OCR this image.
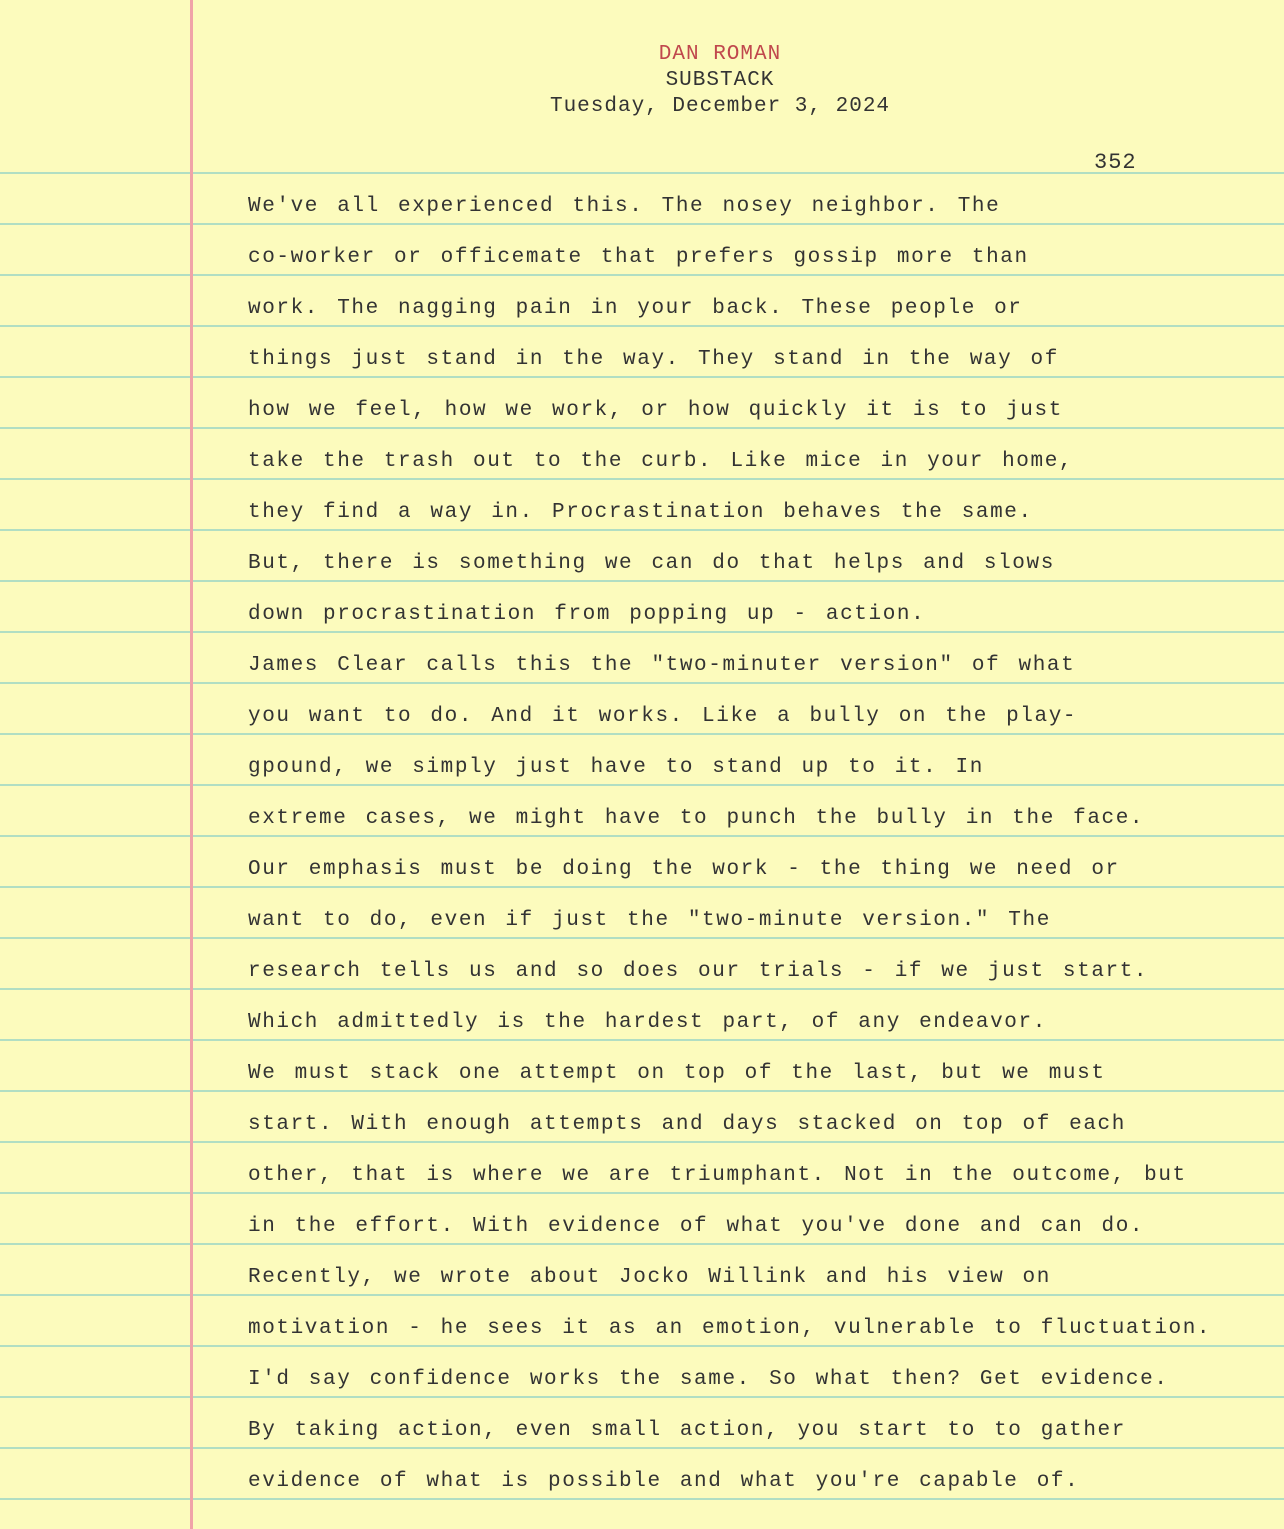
DAN ROMAN
SUBSTACK
Tuesday, December 3, 2024
352
We've all experienced this. The nosey neighbor. The
co-worker or officemate that prefers gossip more than
work. The nagging pain in your back. These people or
things just stand in the way. They stand in the way of
how we feel, how we work, or how quickly it is to just
take the trash out to the curb. Like mice in your home,
they find a way in. Procrastination behaves the same.
But, there is something we can do that helps and slows
down procrastination from popping up - action.
James Clear calls this the "two-minuter version" of what
you want to do. And it works. Like a bully on the play-
gpound, we simply just have to stand up to it. In
extreme cases, we might have to punch the bully in the face.
Our emphasis must be doing the work - the thing we need or
want to do, even if just the "two-minute version." The
research tells us and so does our trials - if we just start.
Which admittedly is the hardest part, of any endeavor.
We must stack one attempt on top of the last, but we must
start. With enough attempts and days stacked on top of each
other, that is where we are triumphant. Not in the outcome, but
in the effort. With evidence of what you've done and can do.
Recently, we wrote about Jocko Willink and his view on
motivation - he sees it as an emotion, vulnerable to fluctuation.
I'd say confidence works the same. So what then? Get evidence.
By taking action, even small action, you start to to gather
evidence of what is possible and what you're capable of.
